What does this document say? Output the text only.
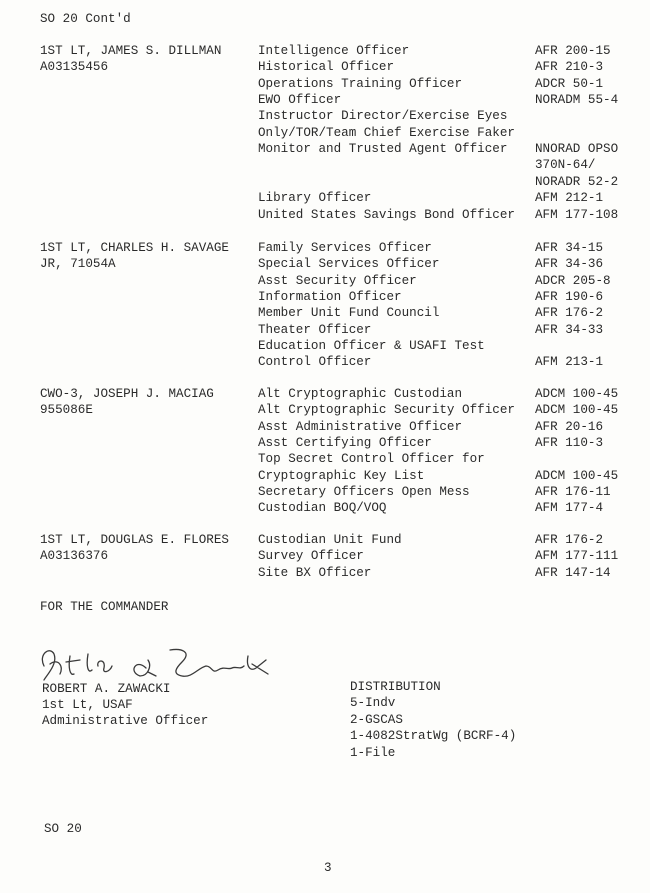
SO 20 Cont'd
1ST LT, JAMES S. DILLMAN
A03135456
Intelligence Officer	AFR 200-15
Historical Officer	AFR 210-3
Operations Training Officer	ADCR 50-1
EWO Officer	NORADM 55-4
Instructor Director/Exercise Eyes
Only/TOR/Team Chief Exercise Faker
Monitor and Trusted Agent Officer NNORAD OPSO
370N-64/
NORADR 52-2
Library Officer	AFM 212-1
United States Savings Bond Officer AFM 177-108
1ST LT, CHARLES H. SAVAGE
JR, 71054A
Family Services Officer	AFR 34-15
Special Services Officer	AFR 34-36
Asst Security Officer	ADCR 205-8
Information Officer	AFR 190-6
Member Unit Fund Council	AFR 176-2
Theater Officer	AFR 34-33
Education Officer & USAFI Test
Control Officer	AFM 213-1
CWO-3, JOSEPH J. MACIAG
955086E
Alt Cryptographic Custodian	ADCM 100-45
Alt Cryptographic Security Officer ADCM 100-45
Asst Administrative Officer	AFR 20-16
Asst Certifying Officer	AFR 110-3
Top Secret Control Officer for
Cryptographic Key List	ADCM 100-45
Secretary Officers Open Mess	AFR 176-11
Custodian BOQ/VOQ	AFM 177-4
1ST LT, DOUGLAS E. FLORES
A03136376
Custodian Unit Fund	AFR 176-2
Survey Officer	AFM 177-111
Site BX Officer	AFR 147-14
FOR THE COMMANDER
ROBERT A. ZAWACKI
1st Lt, USAF
Administrative Officer
DISTRIBUTION
5-Indv
2-GSCAS
1-4082StratWg (BCRF-4)
1-File
SO 20
3
